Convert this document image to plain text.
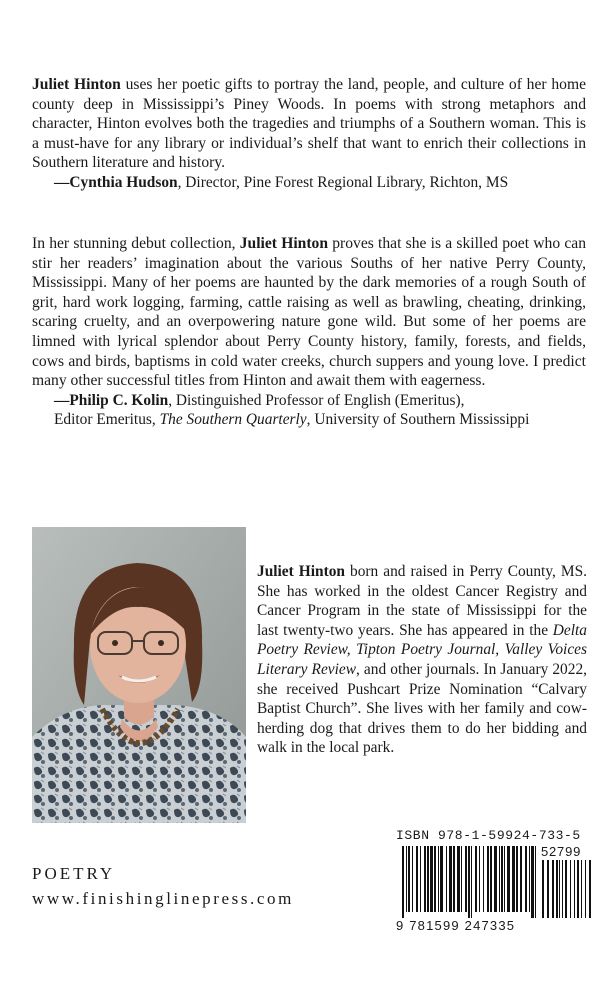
Juliet Hinton uses her poetic gifts to portray the land, people, and culture of her home county deep in Mississippi’s Piney Woods. In poems with strong metaphors and character, Hinton evolves both the tragedies and triumphs of a Southern woman. This is a must-have for any library or individual’s shelf that want to enrich their collections in Southern literature and history.

—Cynthia Hudson, Director, Pine Forest Regional Library, Richton, MS

In her stunning debut collection, Juliet Hinton proves that she is a skilled poet who can stir her readers’ imagination about the various Souths of her native Perry County, Mississippi. Many of her poems are haunted by the dark memories of a rough South of grit, hard work logging, farming, cattle raising as well as brawling, cheating, drinking, scaring cruelty, and an overpowering nature gone wild. But some of her poems are limned with lyrical splendor about Perry County history, family, forests, and fields, cows and birds, baptisms in cold water creeks, church suppers and young love. I predict many other successful titles from Hinton and await them with eagerness.

—Philip C. Kolin, Distinguished Professor of English (Emeritus),

Editor Emeritus, The Southern Quarterly, University of Southern Mississippi

Juliet Hinton born and raised in Perry County, MS. She has worked in the oldest Cancer Registry and Cancer Program in the state of Mississippi for the last twenty-two years. She has appeared in the Delta Poetry Review, Tipton Poetry Journal, Valley Voices Literary Review, and other journals. In January 2022, she received Pushcart Prize Nomination “Calvary Baptist Church”. She lives with her family and cow-herding dog that drives them to do her bidding and walk in the local park.

POETRY

www.finishinglinepress.com

ISBN 978-1-59924-733-5

9 781599 247335

52799
